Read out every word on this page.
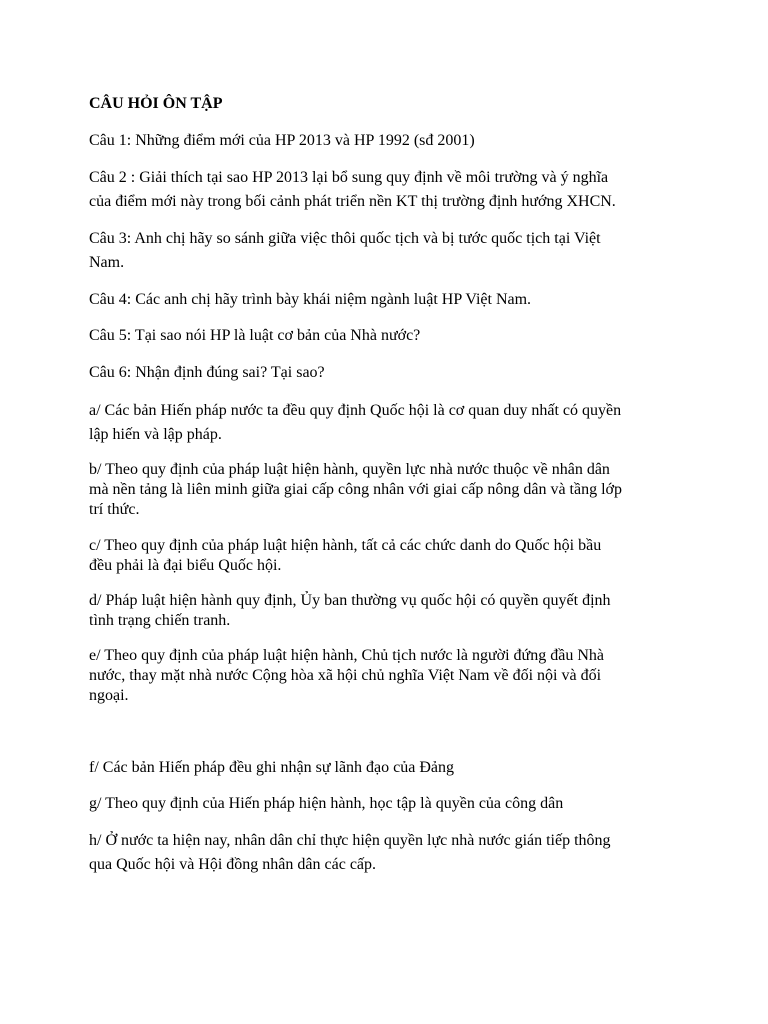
CÂU HỎI ÔN TẬP

Câu 1: Những điểm mới của HP 2013 và HP 1992 (sđ 2001)

Câu 2 : Giải thích tại sao HP 2013 lại bổ sung quy định về môi trường và ý nghĩa
của điểm mới này trong bối cảnh phát triển nền KT thị trường định hướng XHCN.

Câu 3: Anh chị hãy so sánh giữa việc thôi quốc tịch và bị tước quốc tịch tại Việt
Nam.

Câu 4: Các anh chị hãy trình bày khái niệm ngành luật HP Việt Nam.

Câu 5: Tại sao nói HP là luật cơ bản của Nhà nước?

Câu 6: Nhận định đúng sai? Tại sao?

a/ Các bản Hiến pháp nước ta đều quy định Quốc hội là cơ quan duy nhất có quyền
lập hiến và lập pháp.

b/ Theo quy định của pháp luật hiện hành, quyền lực nhà nước thuộc về nhân dân
mà nền tảng là liên minh giữa giai cấp công nhân với giai cấp nông dân và tầng lớp
trí thức.

c/ Theo quy định của pháp luật hiện hành, tất cả các chức danh do Quốc hội bầu
đều phải là đại biểu Quốc hội.

d/ Pháp luật hiện hành quy định, Ủy ban thường vụ quốc hội có quyền quyết định
tình trạng chiến tranh.

e/ Theo quy định của pháp luật hiện hành, Chủ tịch nước là người đứng đầu Nhà
nước, thay mặt nhà nước Cộng hòa xã hội chủ nghĩa Việt Nam về đối nội và đối
ngoại.

f/ Các bản Hiến pháp đều ghi nhận sự lãnh đạo của Đảng

g/ Theo quy định của Hiến pháp hiện hành, học tập là quyền của công dân

h/ Ở nước ta hiện nay, nhân dân chỉ thực hiện quyền lực nhà nước gián tiếp thông
qua Quốc hội và Hội đồng nhân dân các cấp.
